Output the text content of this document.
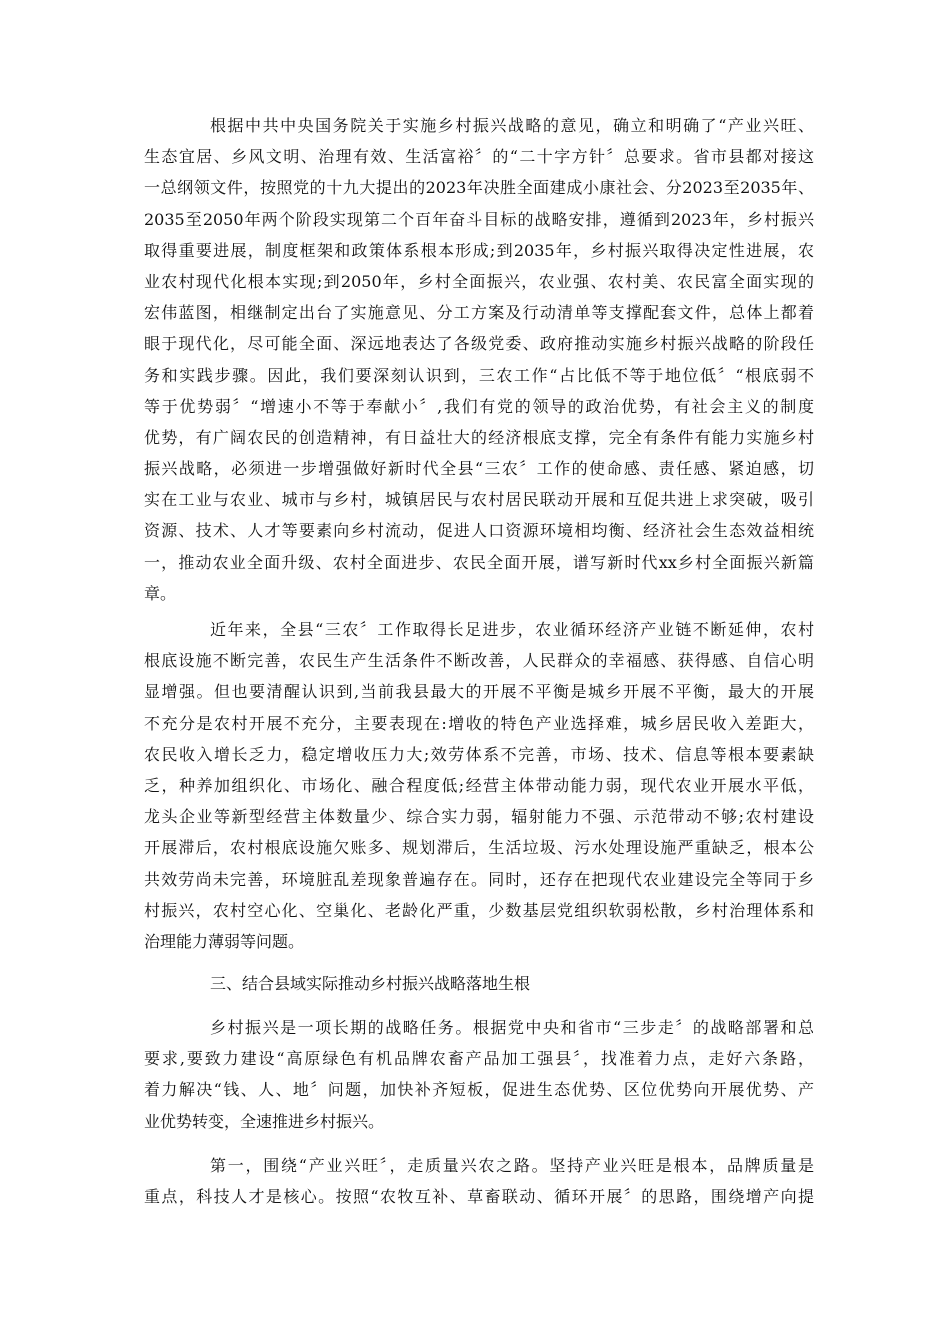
根据中共中央国务院关于实施乡村振兴战略的意见，确立和明确了“产业兴旺、
生态宜居、乡风文明、治理有效、生活富裕〞的“二十字方针〞总要求。省市县都对接这
一总纲领文件，按照党的十九大提出的2023年决胜全面建成小康社会、分2023至2035年、
2035至2050年两个阶段实现第二个百年奋斗目标的战略安排，遵循到2023年，乡村振兴
取得重要进展，制度框架和政策体系根本形成;到2035年，乡村振兴取得决定性进展，农
业农村现代化根本实现;到2050年，乡村全面振兴，农业强、农村美、农民富全面实现的
宏伟蓝图，相继制定出台了实施意见、分工方案及行动清单等支撑配套文件，总体上都着
眼于现代化，尽可能全面、深远地表达了各级党委、政府推动实施乡村振兴战略的阶段任
务和实践步骤。因此，我们要深刻认识到，三农工作“占比低不等于地位低〞“根底弱不
等于优势弱〞“增速小不等于奉献小〞,我们有党的领导的政治优势，有社会主义的制度
优势，有广阔农民的创造精神，有日益壮大的经济根底支撑，完全有条件有能力实施乡村
振兴战略，必须进一步增强做好新时代全县“三农〞工作的使命感、责任感、紧迫感，切
实在工业与农业、城市与乡村，城镇居民与农村居民联动开展和互促共进上求突破，吸引
资源、技术、人才等要素向乡村流动，促进人口资源环境相均衡、经济社会生态效益相统
一，推动农业全面升级、农村全面进步、农民全面开展，谱写新时代xx乡村全面振兴新篇
章。
近年来，全县“三农〞工作取得长足进步，农业循环经济产业链不断延伸，农村
根底设施不断完善，农民生产生活条件不断改善，人民群众的幸福感、获得感、自信心明
显增强。但也要清醒认识到,当前我县最大的开展不平衡是城乡开展不平衡，最大的开展
不充分是农村开展不充分，主要表现在:增收的特色产业选择难，城乡居民收入差距大，
农民收入增长乏力，稳定增收压力大;效劳体系不完善，市场、技术、信息等根本要素缺
乏，种养加组织化、市场化、融合程度低;经营主体带动能力弱，现代农业开展水平低，
龙头企业等新型经营主体数量少、综合实力弱，辐射能力不强、示范带动不够;农村建设
开展滞后，农村根底设施欠账多、规划滞后，生活垃圾、污水处理设施严重缺乏，根本公
共效劳尚未完善，环境脏乱差现象普遍存在。同时，还存在把现代农业建设完全等同于乡
村振兴，农村空心化、空巢化、老龄化严重，少数基层党组织软弱松散，乡村治理体系和
治理能力薄弱等问题。
三、结合县域实际推动乡村振兴战略落地生根
乡村振兴是一项长期的战略任务。根据党中央和省市“三步走〞的战略部署和总
要求,要致力建设“高原绿色有机品牌农畜产品加工强县〞，找准着力点，走好六条路，
着力解决“钱、人、地〞问题，加快补齐短板，促进生态优势、区位优势向开展优势、产
业优势转变，全速推进乡村振兴。
第一，围绕“产业兴旺〞，走质量兴农之路。坚持产业兴旺是根本，品牌质量是
重点，科技人才是核心。按照“农牧互补、草畜联动、循环开展〞的思路，围绕增产向提
